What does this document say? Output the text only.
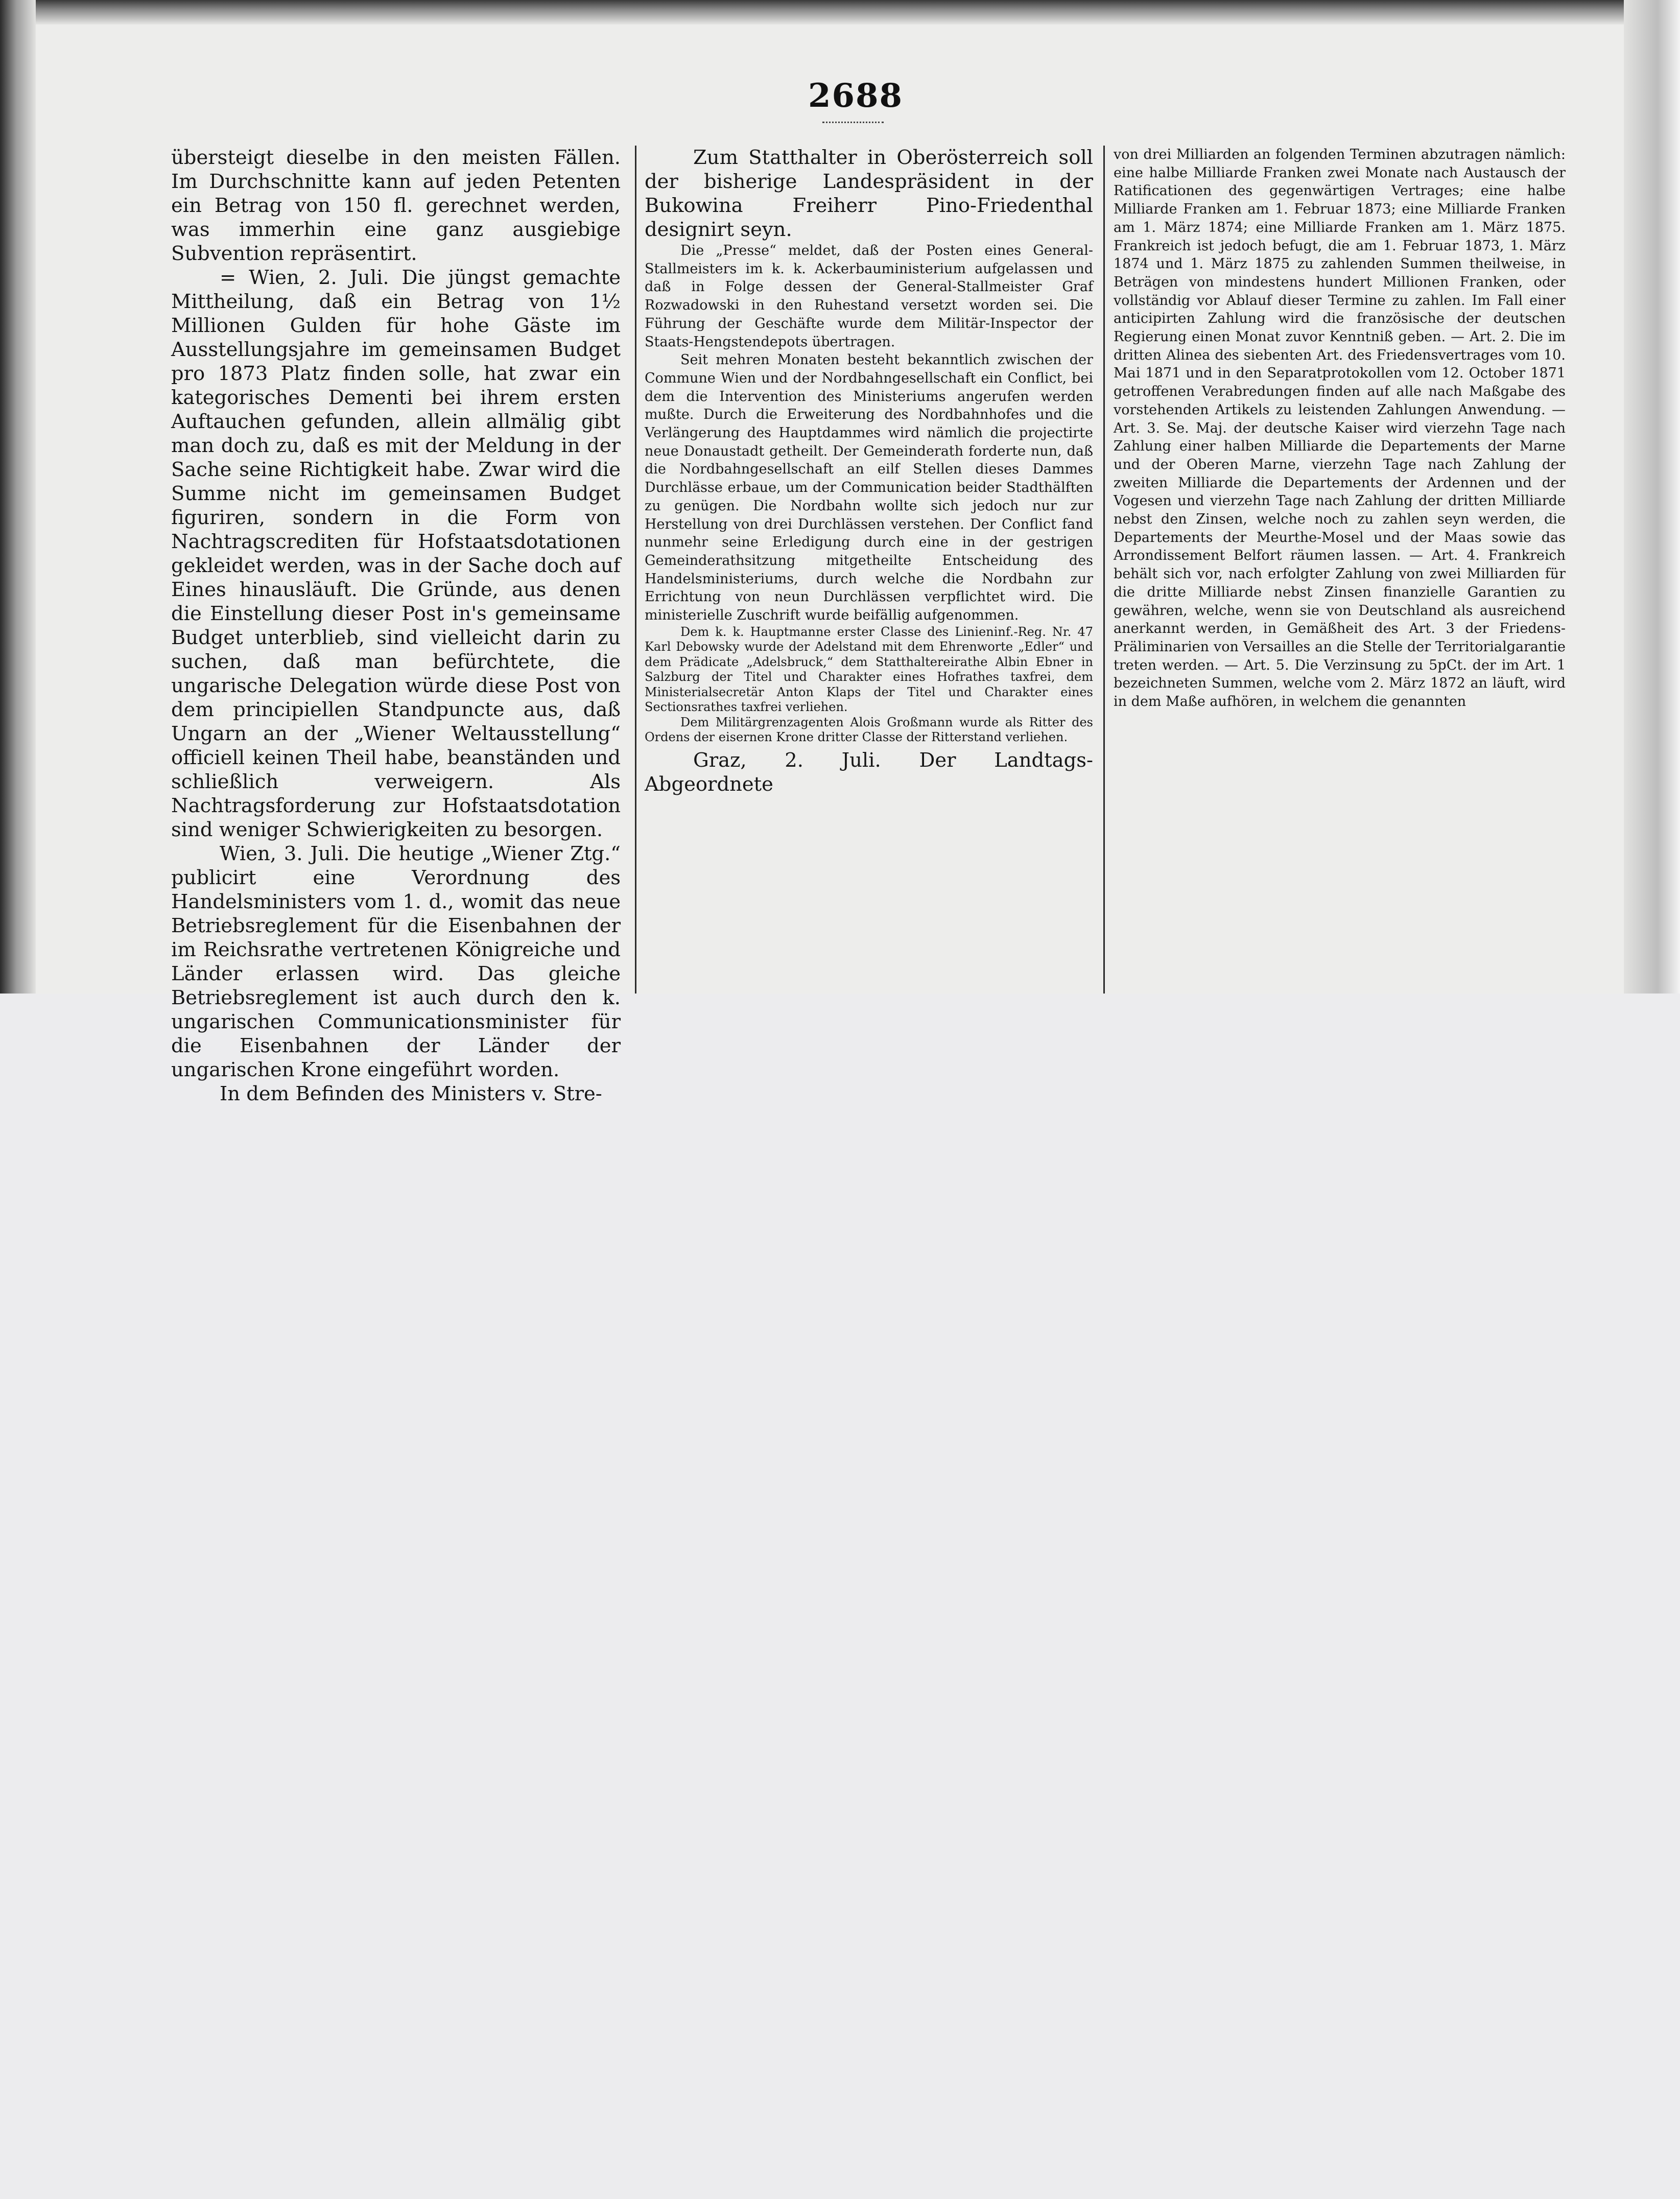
2688

übersteigt dieselbe in den meisten Fällen. Im Durchschnitte kann auf jeden Petenten ein Betrag von 150 fl. gerechnet werden, was immerhin eine ganz ausgiebige Subvention repräsentirt.

= Wien, 2. Juli. Die jüngst gemachte Mittheilung, daß ein Betrag von 1½ Millionen Gulden für hohe Gäste im Ausstellungsjahre im gemeinsamen Budget pro 1873 Platz finden solle, hat zwar ein kategorisches Dementi bei ihrem ersten Auftauchen gefunden, allein allmälig gibt man doch zu, daß es mit der Meldung in der Sache seine Richtigkeit habe. Zwar wird die Summe nicht im gemeinsamen Budget figuriren, sondern in die Form von Nachtragscrediten für Hofstaatsdotationen gekleidet werden, was in der Sache doch auf Eines hinausläuft. Die Gründe, aus denen die Einstellung dieser Post in's gemeinsame Budget unterblieb, sind vielleicht darin zu suchen, daß man befürchtete, die ungarische Delegation würde diese Post von dem principiellen Standpuncte aus, daß Ungarn an der „Wiener Weltausstellung“ officiell keinen Theil habe, beanständen und schließlich verweigern. Als Nachtragsforderung zur Hofstaatsdotation sind weniger Schwierigkeiten zu besorgen.

Wien, 3. Juli. Die heutige „Wiener Ztg.“ publicirt eine Verordnung des Handelsministers vom 1. d., womit das neue Betriebsreglement für die Eisenbahnen der im Reichsrathe vertretenen Königreiche und Länder erlassen wird. Das gleiche Betriebsreglement ist auch durch den k. ungarischen Communicationsminister für die Eisenbahnen der Länder der ungarischen Krone eingeführt worden.

In dem Befinden des Ministers v. Stre-

Zum Statthalter in Oberösterreich soll der bisherige Landespräsident in der Bukowina Freiherr Pino-Friedenthal designirt seyn.

Die „Presse“ meldet, daß der Posten eines General-Stallmeisters im k. k. Ackerbauministerium aufgelassen und daß in Folge dessen der General-Stallmeister Graf Rozwadowski in den Ruhestand versetzt worden sei. Die Führung der Geschäfte wurde dem Militär-Inspector der Staats-Hengstendepots übertragen.

Seit mehren Monaten besteht bekanntlich zwischen der Commune Wien und der Nordbahngesellschaft ein Conflict, bei dem die Intervention des Ministeriums angerufen werden mußte. Durch die Erweiterung des Nordbahnhofes und die Verlängerung des Hauptdammes wird nämlich die projectirte neue Donaustadt getheilt. Der Gemeinderath forderte nun, daß die Nordbahngesellschaft an eilf Stellen dieses Dammes Durchlässe erbaue, um der Communication beider Stadthälften zu genügen. Die Nordbahn wollte sich jedoch nur zur Herstellung von drei Durchlässen verstehen. Der Conflict fand nunmehr seine Erledigung durch eine in der gestrigen Gemeinderathsitzung mitgetheilte Entscheidung des Handelsministeriums, durch welche die Nordbahn zur Errichtung von neun Durchlässen verpflichtet wird. Die ministerielle Zuschrift wurde beifällig aufgenommen.

Dem k. k. Hauptmanne erster Classe des Linieninf.-Reg. Nr. 47 Karl Debowsky wurde der Adelstand mit dem Ehrenworte „Edler“ und dem Prädicate „Adelsbruck,“ dem Statthaltereirathe Albin Ebner in Salzburg der Titel und Charakter eines Hofrathes taxfrei, dem Ministerialsecretär Anton Klaps der Titel und Charakter eines Sectionsrathes taxfrei verliehen.

Dem Militärgrenzagenten Alois Großmann wurde als Ritter des Ordens der eisernen Krone dritter Classe der Ritterstand verliehen.

Graz, 2. Juli. Der Landtags-Abgeordnete

von drei Milliarden an folgenden Terminen abzutragen nämlich: eine halbe Milliarde Franken zwei Monate nach Austausch der Ratificationen des gegenwärtigen Vertrages; eine halbe Milliarde Franken am 1. Februar 1873; eine Milliarde Franken am 1. März 1874; eine Milliarde Franken am 1. März 1875. Frankreich ist jedoch befugt, die am 1. Februar 1873, 1. März 1874 und 1. März 1875 zu zahlenden Summen theilweise, in Beträgen von mindestens hundert Millionen Franken, oder vollständig vor Ablauf dieser Termine zu zahlen. Im Fall einer anticipirten Zahlung wird die französische der deutschen Regierung einen Monat zuvor Kenntniß geben. — Art. 2. Die im dritten Alinea des siebenten Art. des Friedensvertrages vom 10. Mai 1871 und in den Separatprotokollen vom 12. October 1871 getroffenen Verabredungen finden auf alle nach Maßgabe des vorstehenden Artikels zu leistenden Zahlungen Anwendung. — Art. 3. Se. Maj. der deutsche Kaiser wird vierzehn Tage nach Zahlung einer halben Milliarde die Departements der Marne und der Oberen Marne, vierzehn Tage nach Zahlung der zweiten Milliarde die Departements der Ardennen und der Vogesen und vierzehn Tage nach Zahlung der dritten Milliarde nebst den Zinsen, welche noch zu zahlen seyn werden, die Departements der Meurthe-Mosel und der Maas sowie das Arrondissement Belfort räumen lassen. — Art. 4. Frankreich behält sich vor, nach erfolgter Zahlung von zwei Milliarden für die dritte Milliarde nebst Zinsen finanzielle Garantien zu gewähren, welche, wenn sie von Deutschland als ausreichend anerkannt werden, in Gemäßheit des Art. 3 der Friedens-Präliminarien von Versailles an die Stelle der Territorialgarantie treten werden. — Art. 5. Die Verzinsung zu 5pCt. der im Art. 1 bezeichneten Summen, welche vom 2. März 1872 an läuft, wird in dem Maße aufhören, in welchem die genannten
